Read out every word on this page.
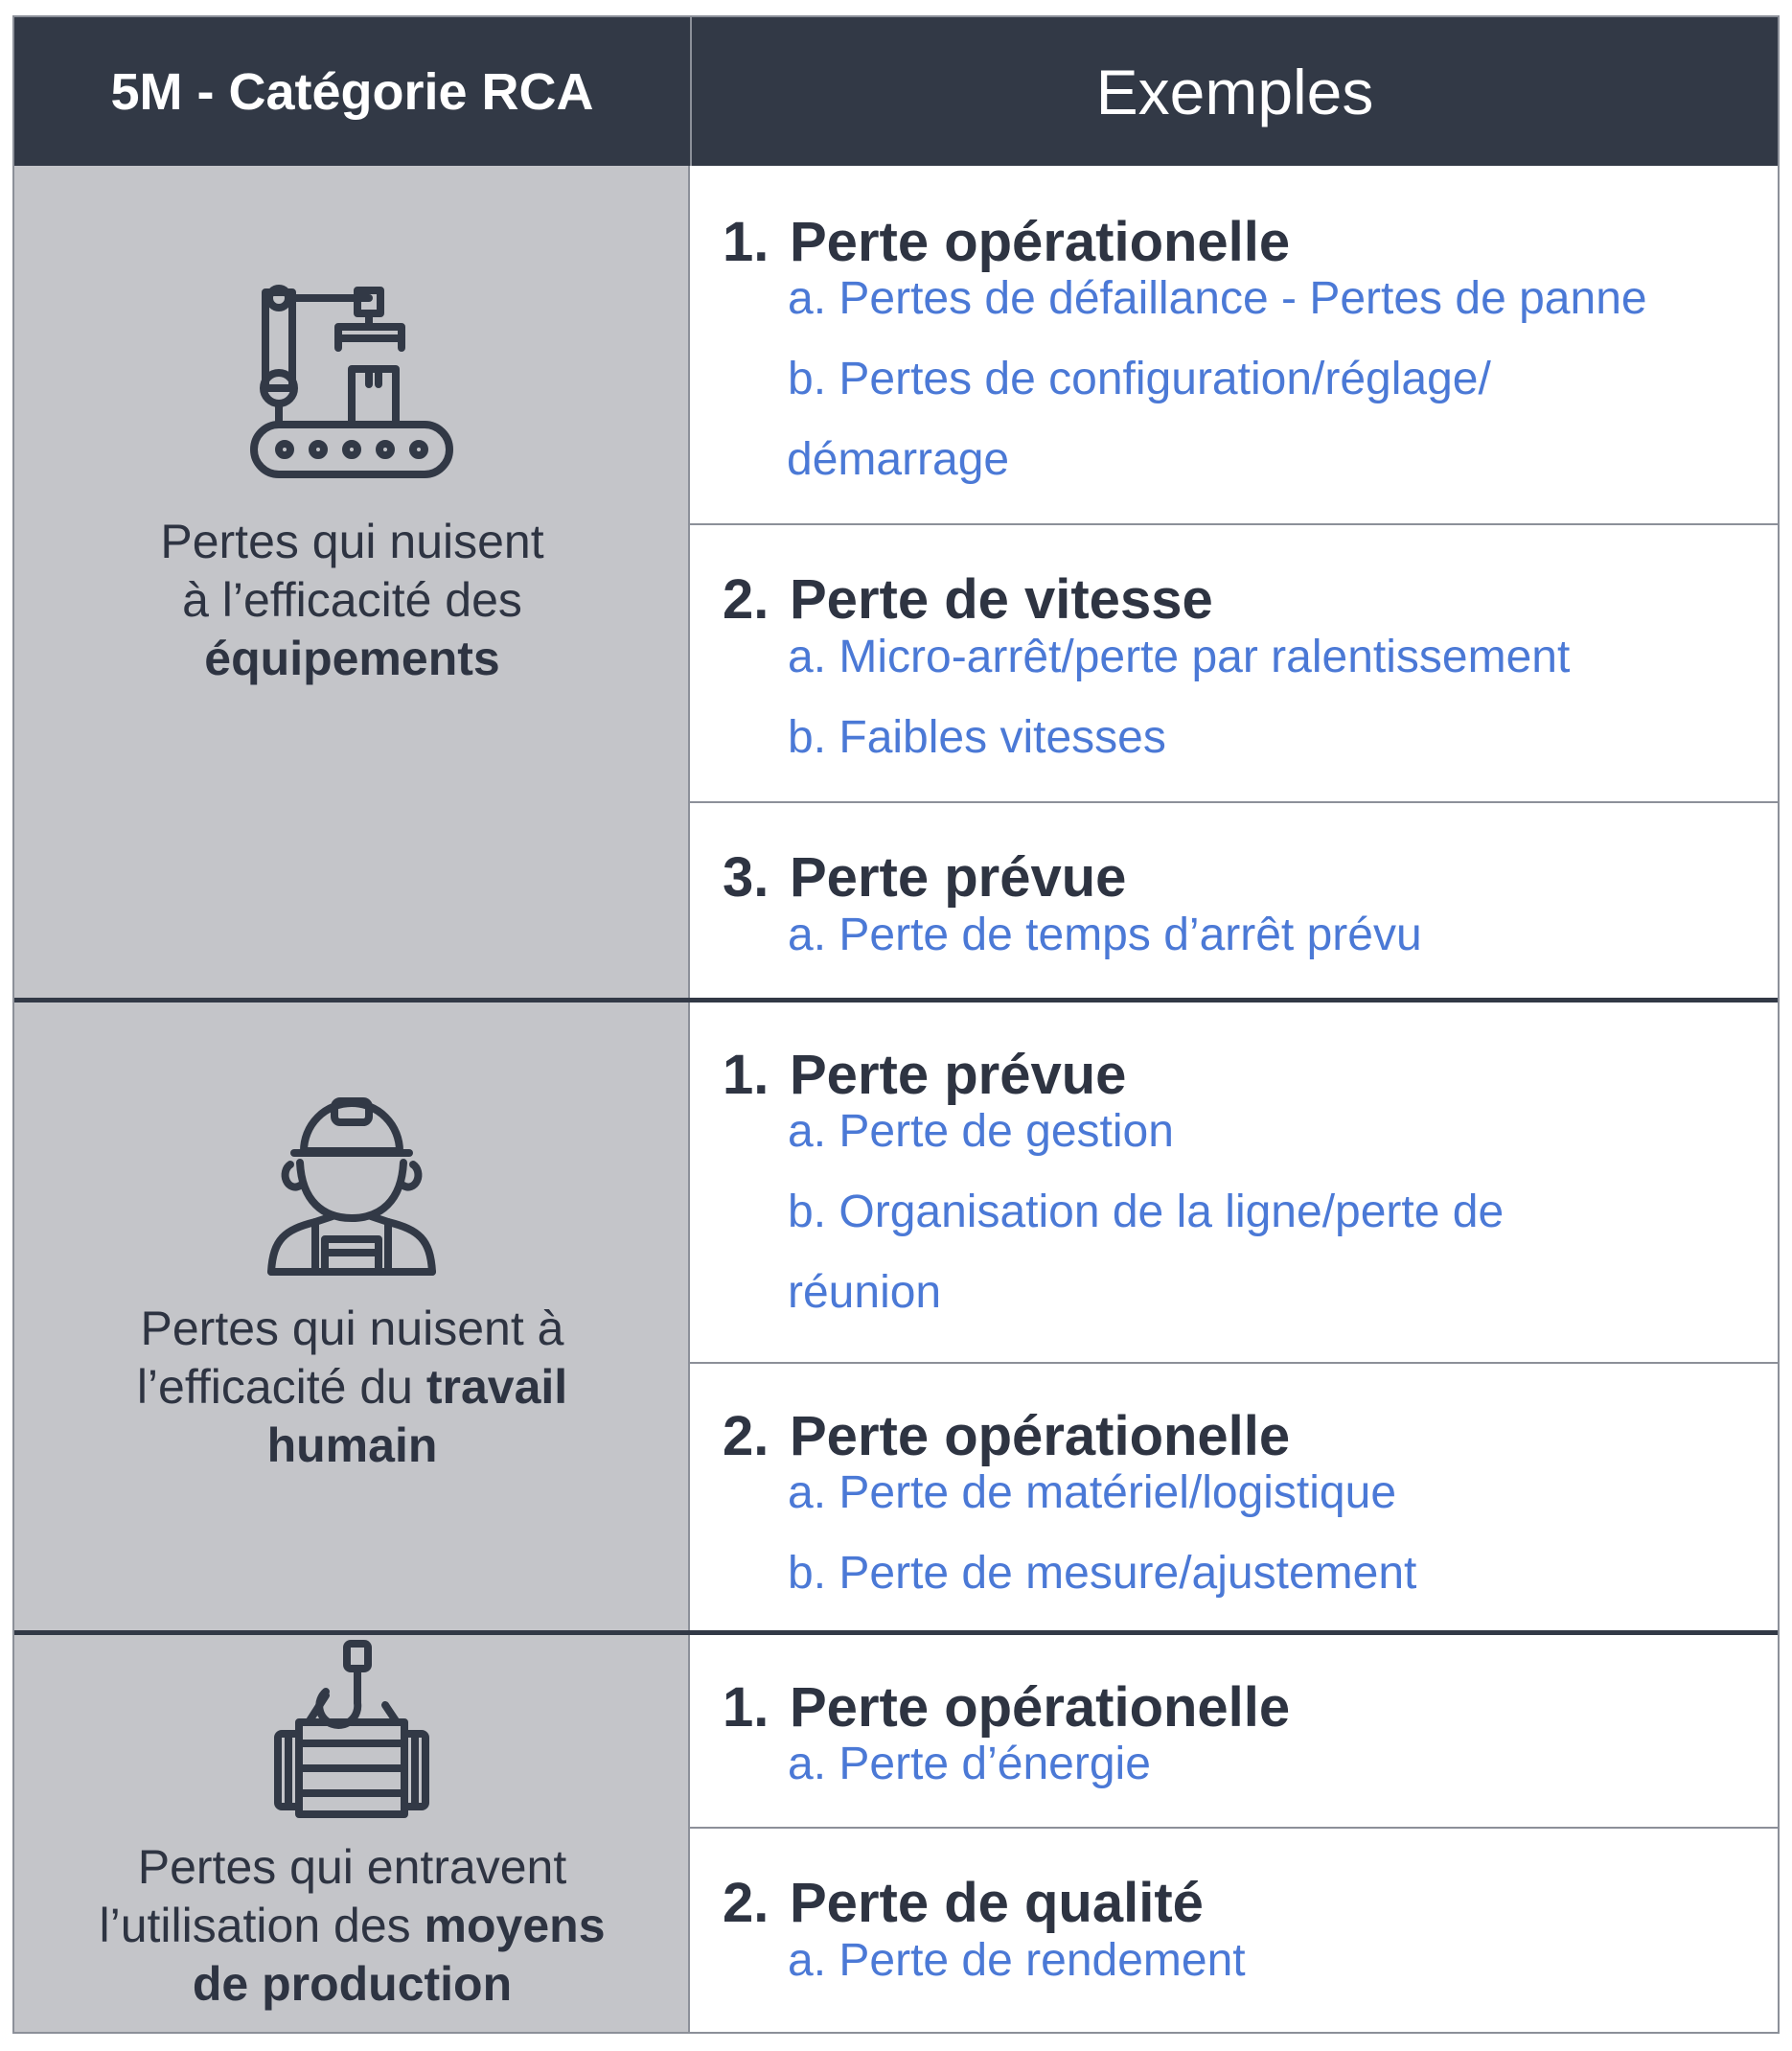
5M - Catégorie RCA	Exemples
Pertes qui nuisent
à l’efficacité des
équipements
Pertes qui nuisent à
l’efficacité du travail
humain
Pertes qui entravent
l’utilisation des moyens
de production
1. Perte opérationelle
a. Pertes de défaillance - Pertes de panne
b. Pertes de configuration/réglage/
démarrage
2. Perte de vitesse
a. Micro-arrêt/perte par ralentissement
b. Faibles vitesses
3. Perte prévue
a. Perte de temps d’arrêt prévu
1. Perte prévue
a. Perte de gestion
b. Organisation de la ligne/perte de
réunion
2. Perte opérationelle
a. Perte de matériel/logistique
b. Perte de mesure/ajustement
1. Perte opérationelle
a. Perte d’énergie
2. Perte de qualité
a. Perte de rendement
